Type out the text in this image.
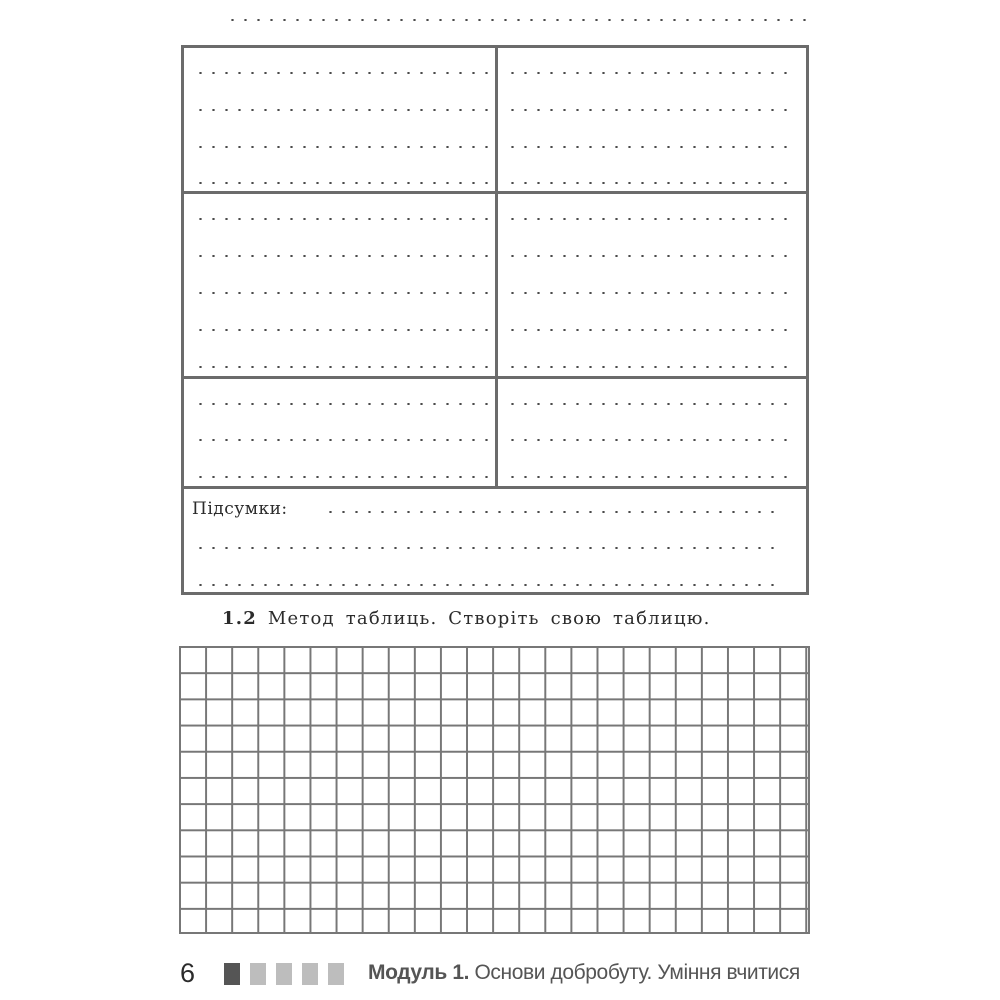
Підсумки:
1.2 Метод таблиць. Створіть свою таблицю.
6	Модуль 1. Основи добробуту. Уміння вчитися
